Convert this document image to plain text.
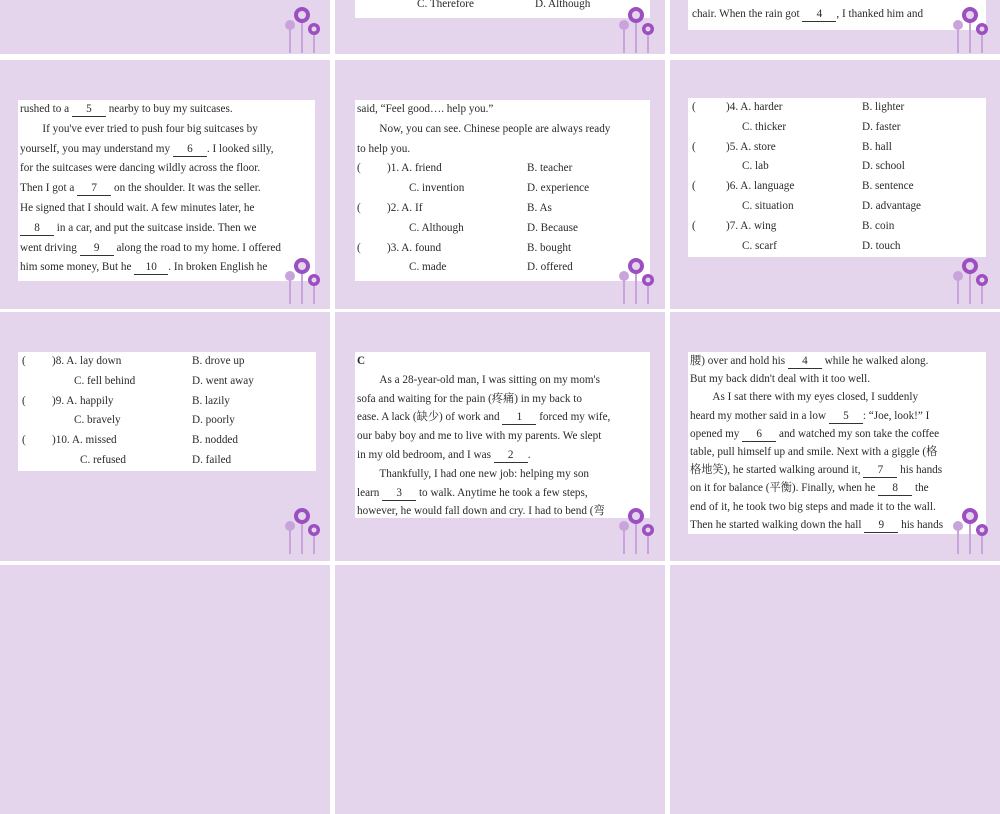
C. Therefore	D. Although

chair. When the rain got 4 , I thanked him and

rushed to a 5 nearby to buy my suitcases.

If you've ever tried to push four big suitcases by

yourself, you may understand my 6 . I looked silly,

for the suitcases were dancing wildly across the floor.

Then I got a 7 on the shoulder. It was the seller.

He signed that I should wait. A few minutes later, he

8 in a car, and put the suitcase inside. Then we

went driving 9 along the road to my home. I offered

him some money, But he 10 . In broken English he

said, “Feel good…. help you.”

Now, you can see. Chinese people are always ready

to help you.

( )1. A. friend	B. teacher
C. invention	D. experience
( )2. A. If	B. As
C. Although	D. Because
( )3. A. found	B. bought
C. made	D. offered
(	)4. A. harder	B. lighter
C. thicker	D. faster
(	)5. A. store	B. hall
C. lab	D. school
(	)6. A. language	B. sentence
C. situation	D. advantage
(	)7. A. wing	B. coin
C. scarf	D. touch
( )8. A. lay down	B. drove up
C. fell behind	D. went away
( )9. A. happily	B. lazily
C. bravely	D. poorly
( )10. A. missed	B. nodded
C. refused	D. failed

C

As a 28-year-old man, I was sitting on my mom's

sofa and waiting for the pain (疼痛) in my back to

ease. A lack (缺少) of work and 1 forced my wife,

our baby boy and me to live with my parents. We slept

in my old bedroom, and I was 2 .

Thankfully, I had one new job: helping my son

learn 3 to walk. Anytime he took a few steps,

however, he would fall down and cry. I had to bend (弯

腰) over and hold his 4 while he walked along.

But my back didn't deal with it too well.

As I sat there with my eyes closed, I suddenly

heard my mother said in a low 5 : “Joe, look!” I

opened my 6 and watched my son take the coffee

table, pull himself up and smile. Next with a giggle (格

格地笑), he started walking around it, 7 his hands

on it for balance (平衡). Finally, when he 8 the

end of it, he took two big steps and made it to the wall.

Then he started walking down the hall 9 his hands
